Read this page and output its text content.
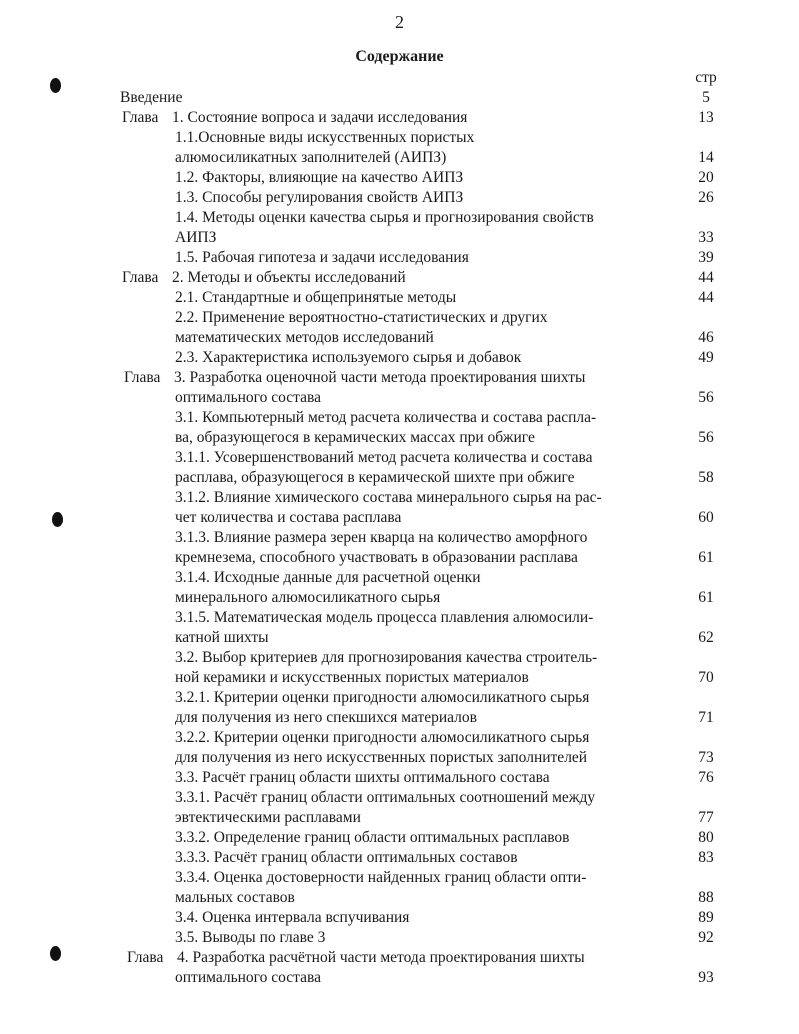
2
Содержание
стр
Введение	5
Глава 1. Состояние вопроса и задачи исследования	13
1.1.Основные виды искусственных пористых
алюмосиликатных заполнителей (АИПЗ)	14
1.2. Факторы, влияющие на качество АИПЗ	20
1.3. Способы регулирования свойств АИПЗ	26
1.4. Методы оценки качества сырья и прогнозирования свойств
АИПЗ	33
1.5. Рабочая гипотеза и задачи исследования	39
Глава 2. Методы и объекты исследований	44
2.1. Стандартные и общепринятые методы	44
2.2. Применение вероятностно-статистических и других
математических методов исследований	46
2.3. Характеристика используемого сырья и добавок	49
Глава 3. Разработка оценочной части метода проектирования шихты
оптимального состава	56
3.1. Компьютерный метод расчета количества и состава распла-
ва, образующегося в керамических массах при обжиге	56
3.1.1. Усовершенствований метод расчета количества и состава
расплава, образующегося в керамической шихте при обжиге	58
3.1.2. Влияние химического состава минерального сырья на рас-
чет количества и состава расплава	60
3.1.3. Влияние размера зерен кварца на количество аморфного
кремнезема, способного участвовать в образовании расплава	61
3.1.4. Исходные данные для расчетной оценки
минерального алюмосиликатного сырья	61
3.1.5. Математическая модель процесса плавления алюмосили-
катной шихты	62
3.2. Выбор критериев для прогнозирования качества строитель-
ной керамики и искусственных пористых материалов	70
3.2.1. Критерии оценки пригодности алюмосиликатного сырья
для получения из него спекшихся материалов	71
3.2.2. Критерии оценки пригодности алюмосиликатного сырья
для получения из него искусственных пористых заполнителей	73
3.3. Расчёт границ области шихты оптимального состава	76
3.3.1. Расчёт границ области оптимальных соотношений между
эвтектическими расплавами	77
3.3.2. Определение границ области оптимальных расплавов	80
3.3.3. Расчёт границ области оптимальных составов	83
3.3.4. Оценка достоверности найденных границ области опти-
мальных составов	88
3.4. Оценка интервала вспучивания	89
3.5. Выводы по главе 3	92
Глава 4. Разработка расчётной части метода проектирования шихты
оптимального состава	93
